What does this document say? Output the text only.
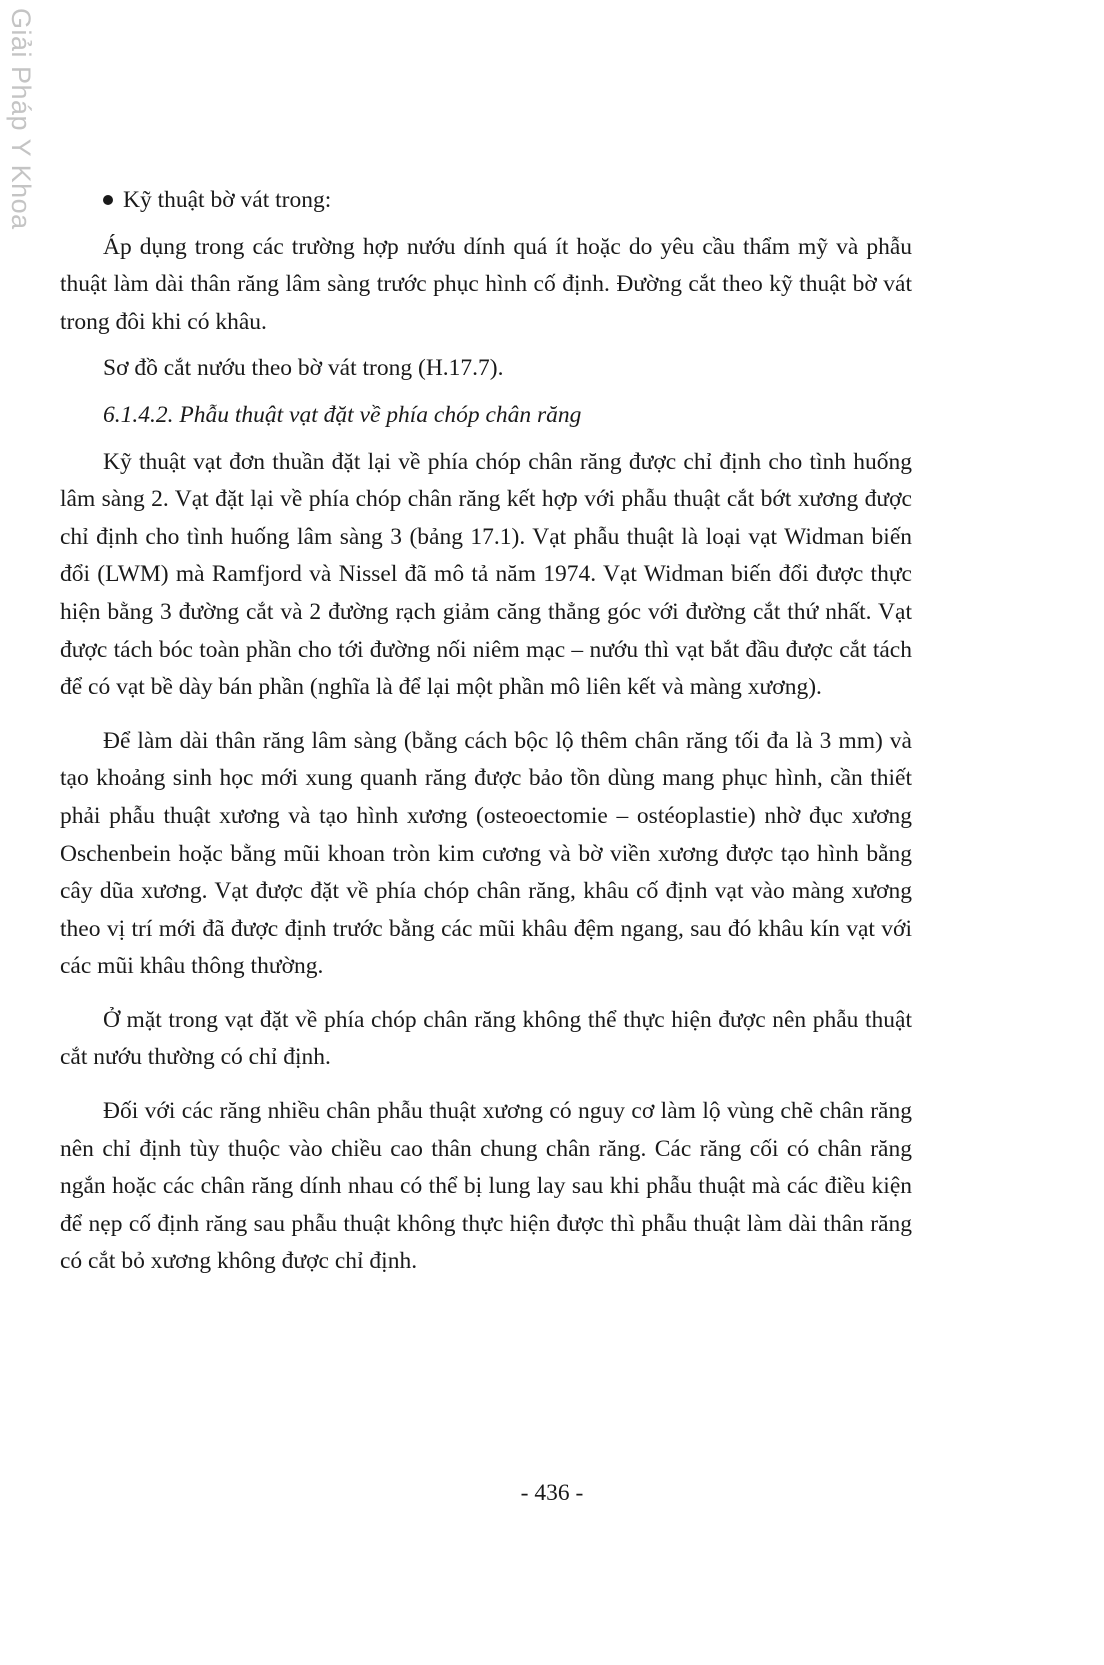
Giải Pháp Y Khoa	Kỹ thuật bờ vát trong:

Áp dụng trong các trường hợp nướu dính quá ít hoặc do yêu cầu thẩm mỹ và phẫu thuật làm dài thân răng lâm sàng trước phục hình cố định. Đường cắt theo kỹ thuật bờ vát trong đôi khi có khâu.

Sơ đồ cắt nướu theo bờ vát trong (H.17.7).

6.1.4.2. Phẫu thuật vạt đặt về phía chóp chân răng

Kỹ thuật vạt đơn thuần đặt lại về phía chóp chân răng được chỉ định cho tình huống lâm sàng 2. Vạt đặt lại về phía chóp chân răng kết hợp với phẫu thuật cắt bớt xương được chỉ định cho tình huống lâm sàng 3 (bảng 17.1). Vạt phẫu thuật là loại vạt Widman biến đổi (LWM) mà Ramfjord và Nissel đã mô tả năm 1974. Vạt Widman biến đổi được thực hiện bằng 3 đường cắt và 2 đường rạch giảm căng thẳng góc với đường cắt thứ nhất. Vạt được tách bóc toàn phần cho tới đường nối niêm mạc – nướu thì vạt bắt đầu được cắt tách để có vạt bề dày bán phần (nghĩa là để lại một phần mô liên kết và màng xương).

Để làm dài thân răng lâm sàng (bằng cách bộc lộ thêm chân răng tối đa là 3 mm) và tạo khoảng sinh học mới xung quanh răng được bảo tồn dùng mang phục hình, cần thiết phải phẫu thuật xương và tạo hình xương (osteoectomie – ostéoplastie) nhờ đục xương Oschenbein hoặc bằng mũi khoan tròn kim cương và bờ viền xương được tạo hình bằng cây dũa xương. Vạt được đặt về phía chóp chân răng, khâu cố định vạt vào màng xương theo vị trí mới đã được định trước bằng các mũi khâu đệm ngang, sau đó khâu kín vạt với các mũi khâu thông thường.

Ở mặt trong vạt đặt về phía chóp chân răng không thể thực hiện được nên phẫu thuật cắt nướu thường có chỉ định.

Đối với các răng nhiều chân phẫu thuật xương có nguy cơ làm lộ vùng chẽ chân răng nên chỉ định tùy thuộc vào chiều cao thân chung chân răng. Các răng cối có chân răng ngắn hoặc các chân răng dính nhau có thể bị lung lay sau khi phẫu thuật mà các điều kiện để nẹp cố định răng sau phẫu thuật không thực hiện được thì phẫu thuật làm dài thân răng có cắt bỏ xương không được chỉ định.

- 436 -
